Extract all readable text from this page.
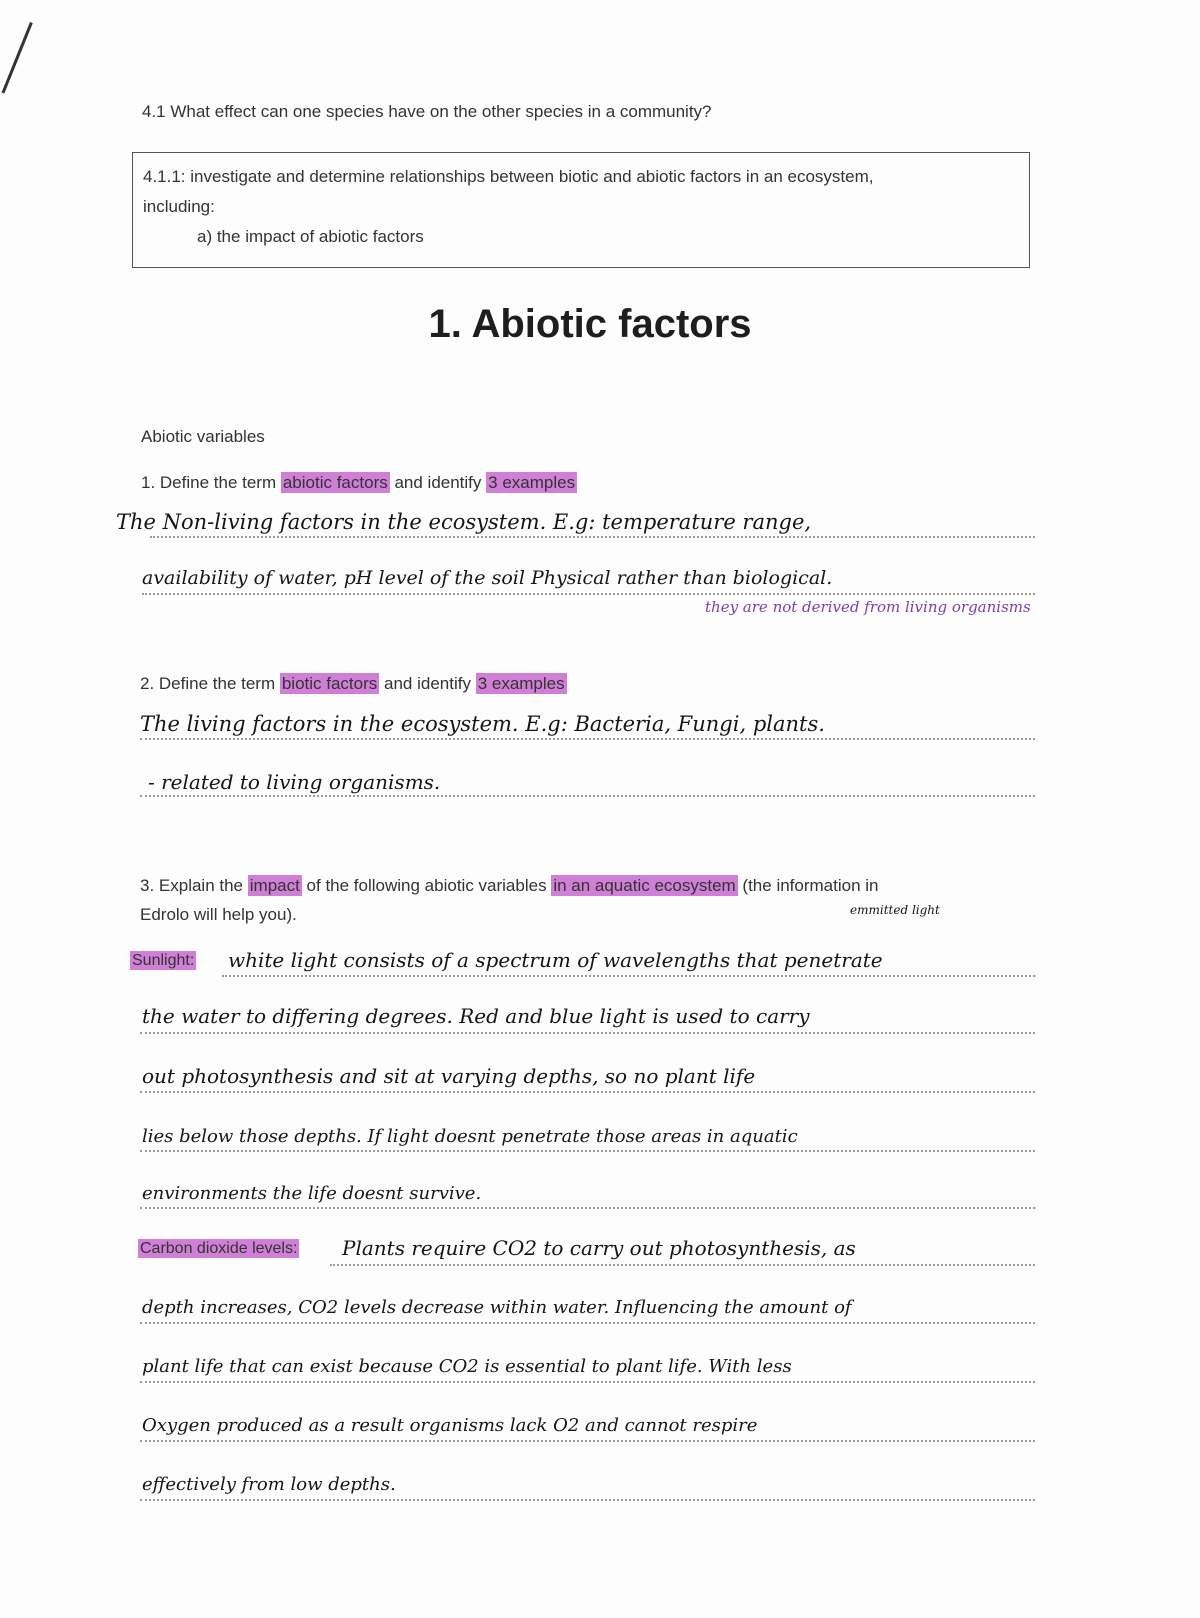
4.1 What effect can one species have on the other species in a community?
4.1.1: investigate and determine relationships between biotic and abiotic factors in an ecosystem,
including:
a) the impact of abiotic factors
1. Abiotic factors
Abiotic variables
1. Define the term abiotic factors and identify 3 examples
The Non-living factors in the ecosystem. E.g: temperature range,
availability of water, pH level of the soil Physical rather than biological.
they are not derived from living organisms
2. Define the term biotic factors and identify 3 examples
The living factors in the ecosystem. E.g: Bacteria, Fungi, plants.
- related to living organisms.
3. Explain the impact of the following abiotic variables in an aquatic ecosystem (the information in
Edrolo will help you).	emmitted light
Sunlight: white light consists of a spectrum of wavelengths that penetrate
the water to differing degrees. Red and blue light is used to carry
out photosynthesis and sit at varying depths, so no plant life
lies below those depths. If light doesnt penetrate those areas in aquatic
environments the life doesnt survive.
Carbon dioxide levels: Plants require CO2 to carry out photosynthesis, as
depth increases, CO2 levels decrease within water. Influencing the amount of
plant life that can exist because CO2 is essential to plant life. With less
Oxygen produced as a result organisms lack O2 and cannot respire
effectively from low depths.
